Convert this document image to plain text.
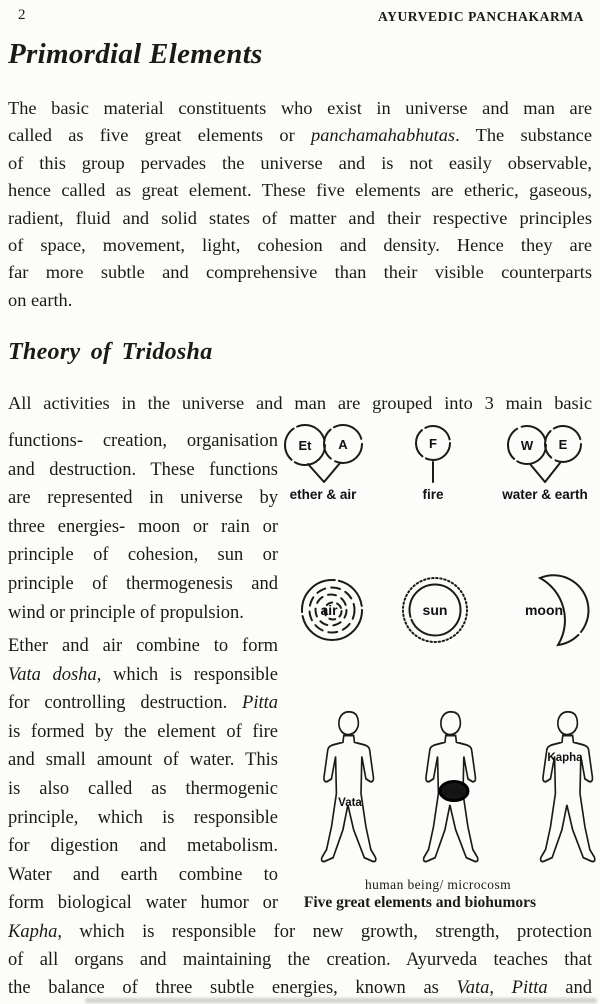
2	AYURVEDIC PANCHAKARMA
Primordial Elements
The basic material constituents who exist in universe and man are
called as five great elements or panchamahabhutas. The substance
of this group pervades the universe and is not easily observable,
hence called as great element. These five elements are etheric, gaseous,
radient, fluid and solid states of matter and their respective principles
of space, movement, light, cohesion and density. Hence they are
far more subtle and comprehensive than their visible counterparts
on earth.
Theory of Tridosha
All activities in the universe and man are grouped into 3 main basic
functions- creation, organisation
and destruction. These functions
are represented in universe by
three energies- moon or rain or
principle of cohesion, sun or
principle of thermogenesis and
wind or principle of propulsion.
Ether and air combine to form
Vata dosha, which is responsible
for controlling destruction. Pitta
is formed by the element of fire
and small amount of water. This
is also called as thermogenic
principle, which is responsible
for digestion and metabolism.
Water and earth combine to
form biological water humor or
Et A
ether & air
F
fire
W E
water & earth
air	sun	moon
Vata
Pitta
Kapha
human being/ microcosm
Five great elements and biohumors
Kapha, which is responsible for new growth, strength, protection
of all organs and maintaining the creation. Ayurveda teaches that
the balance of three subtle energies, known as Vata, Pitta and
